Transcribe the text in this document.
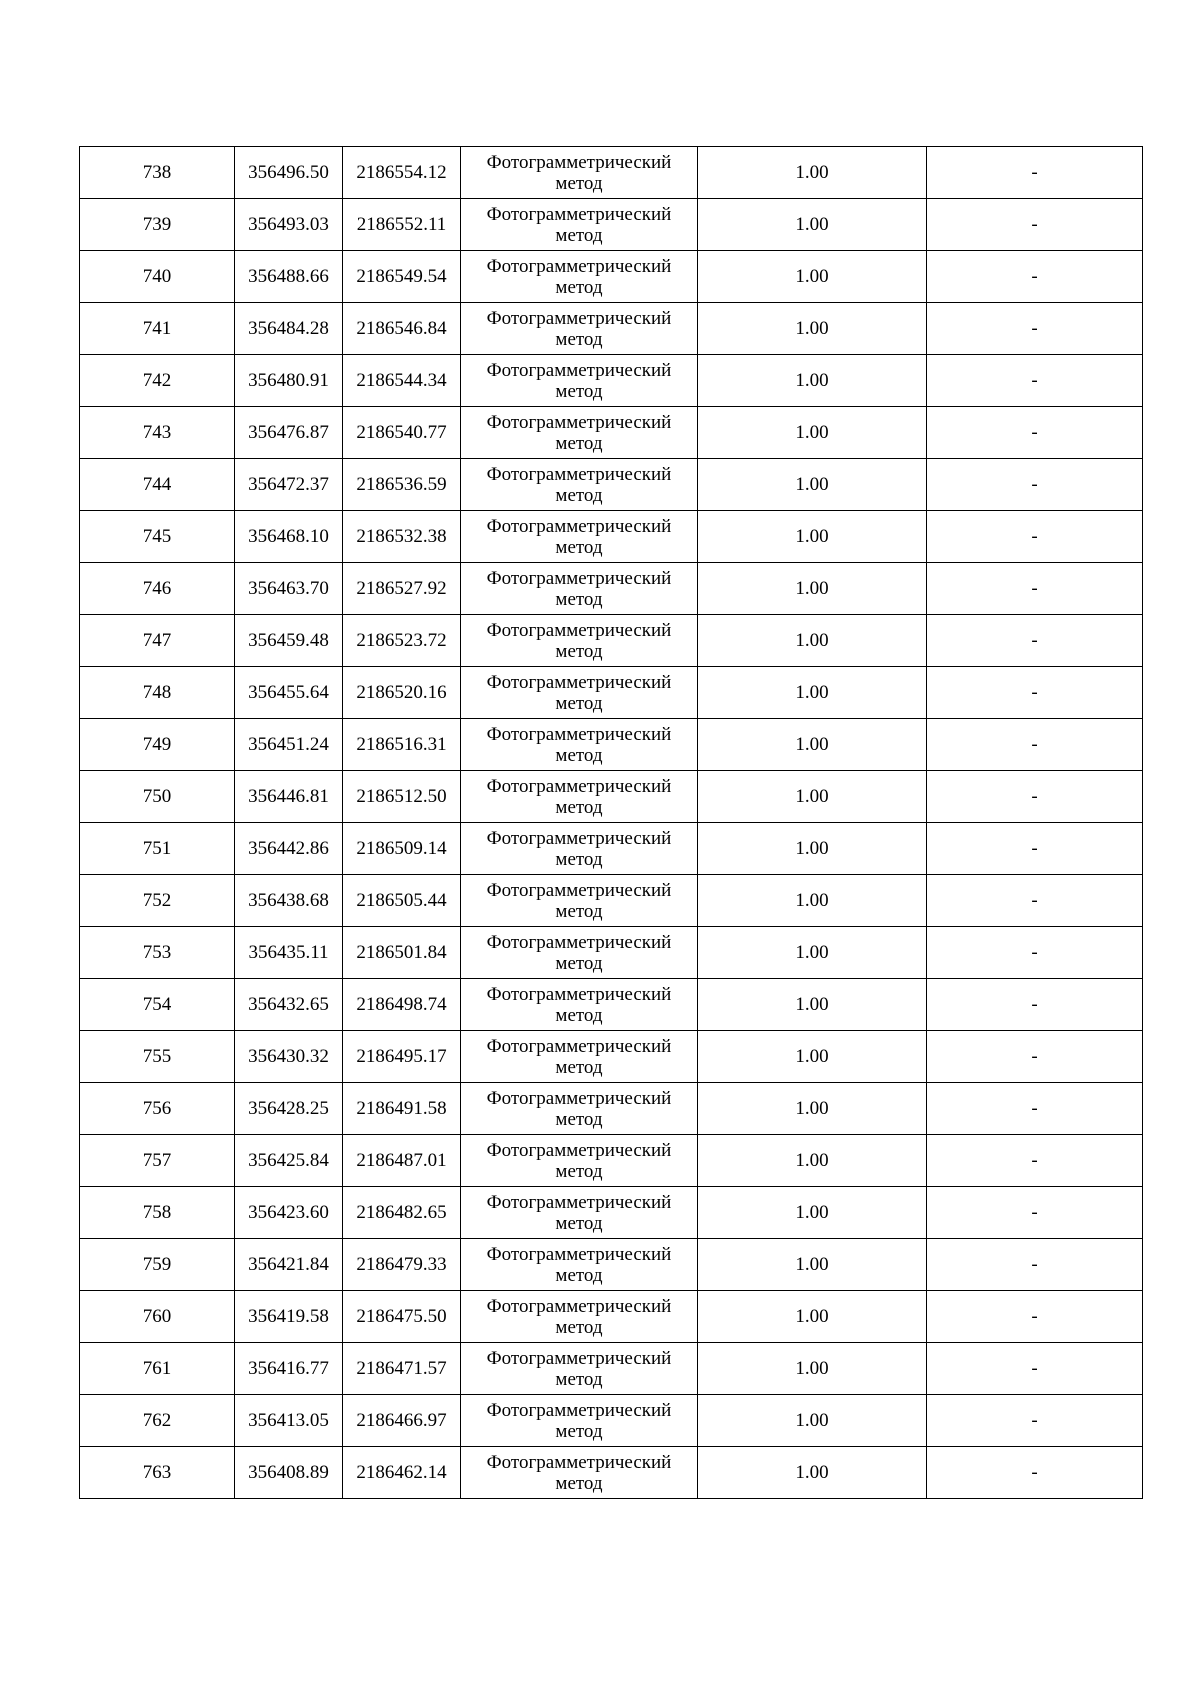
738	356496.50	2186554.12	Фотограмметрический метод	1.00	-
739	356493.03	2186552.11	Фотограмметрический метод	1.00	-
740	356488.66	2186549.54	Фотограмметрический метод	1.00	-
741	356484.28	2186546.84	Фотограмметрический метод	1.00	-
742	356480.91	2186544.34	Фотограмметрический метод	1.00	-
743	356476.87	2186540.77	Фотограмметрический метод	1.00	-
744	356472.37	2186536.59	Фотограмметрический метод	1.00	-
745	356468.10	2186532.38	Фотограмметрический метод	1.00	-
746	356463.70	2186527.92	Фотограмметрический метод	1.00	-
747	356459.48	2186523.72	Фотограмметрический метод	1.00	-
748	356455.64	2186520.16	Фотограмметрический метод	1.00	-
749	356451.24	2186516.31	Фотограмметрический метод	1.00	-
750	356446.81	2186512.50	Фотограмметрический метод	1.00	-
751	356442.86	2186509.14	Фотограмметрический метод	1.00	-
752	356438.68	2186505.44	Фотограмметрический метод	1.00	-
753	356435.11	2186501.84	Фотограмметрический метод	1.00	-
754	356432.65	2186498.74	Фотограмметрический метод	1.00	-
755	356430.32	2186495.17	Фотограмметрический метод	1.00	-
756	356428.25	2186491.58	Фотограмметрический метод	1.00	-
757	356425.84	2186487.01	Фотограмметрический метод	1.00	-
758	356423.60	2186482.65	Фотограмметрический метод	1.00	-
759	356421.84	2186479.33	Фотограмметрический метод	1.00	-
760	356419.58	2186475.50	Фотограмметрический метод	1.00	-
761	356416.77	2186471.57	Фотограмметрический метод	1.00	-
762	356413.05	2186466.97	Фотограмметрический метод	1.00	-
763	356408.89	2186462.14	Фотограмметрический метод	1.00	-
